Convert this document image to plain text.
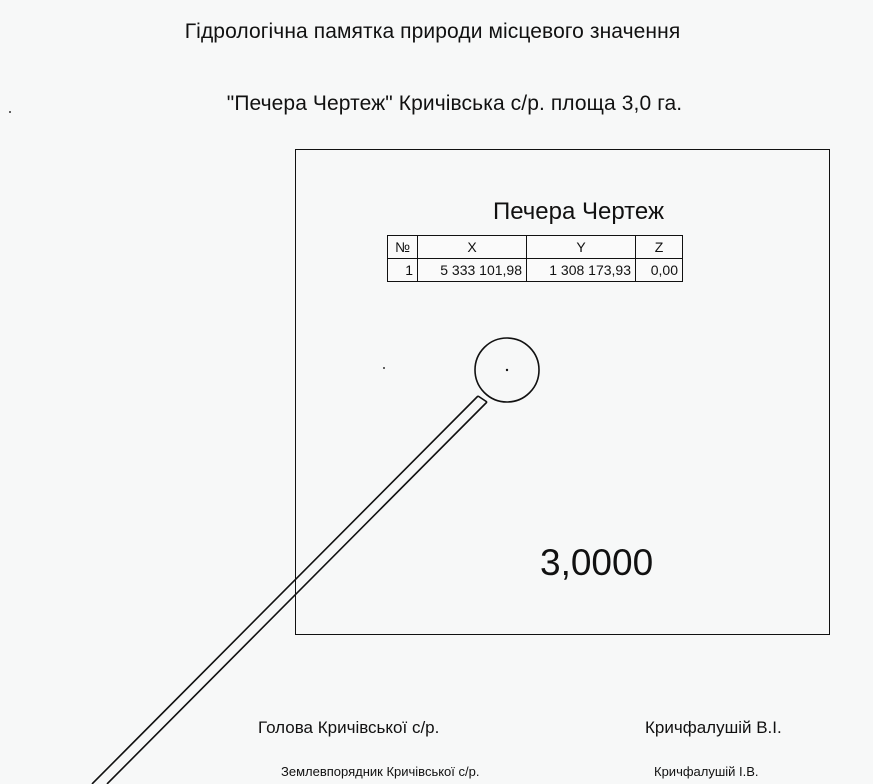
Гідрологічна памятка природи місцевого значення
"Печера Чертеж" Кричівська с/р. площа 3,0 га.
Печера Чертеж
№	X	Y	Z
1	5 333 101,98	1 308 173,93	0,00
3,0000
Голова Кричівської с/р.	Кричфалушій В.І.
Землевпорядник Кричівської с/р.	Кричфалушій І.В.
